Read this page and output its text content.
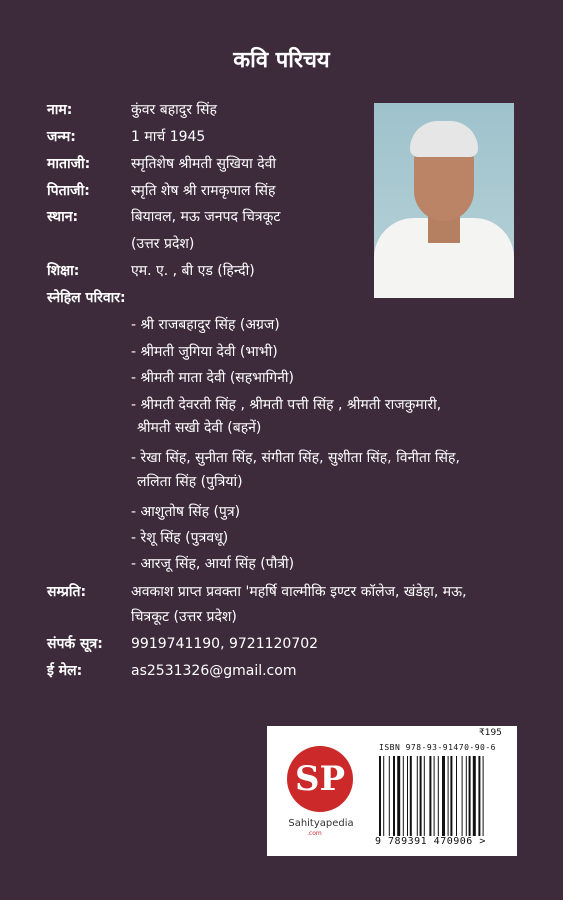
कवि परिचय
नाम:	कुंवर बहादुर सिंह
जन्म:	1 मार्च 1945
माताजी:	स्मृतिशेष श्रीमती सुखिया देवी
पिताजी:	स्मृति शेष श्री रामकृपाल सिंह
स्थान:	बियावल, मऊ जनपद चित्रकूट
(उत्तर प्रदेश)
शिक्षा:	एम. ए. , बी एड (हिन्दी)
स्नेहिल परिवार:
- श्री राजबहादुर सिंह (अग्रज)
- श्रीमती जुगिया देवी (भाभी)
- श्रीमती माता देवी (सहभागिनी)
- श्रीमती देवरती सिंह , श्रीमती पत्ती सिंह , श्रीमती राजकुमारी,
श्रीमती सखी देवी (बहनें)
- रेखा सिंह, सुनीता सिंह, संगीता सिंह, सुशीता सिंह, विनीता सिंह,
ललिता सिंह (पुत्रियां)
- आशुतोष सिंह (पुत्र)
- रेशू सिंह (पुत्रवधू)
- आरजू सिंह, आर्या सिंह (पौत्री)
सम्प्रति:	अवकाश प्राप्त प्रवक्ता 'महर्षि वाल्मीकि इण्टर कॉलेज, खंडेहा, मऊ,
चित्रकूट (उत्तर प्रदेश)
संपर्क सूत्र: 9919741190, 9721120702
ई मेल:	as2531326@gmail.com
SP
Sahityapedia
.com
₹195
ISBN 978-93-91470-90-6
9 789391 470906 >
